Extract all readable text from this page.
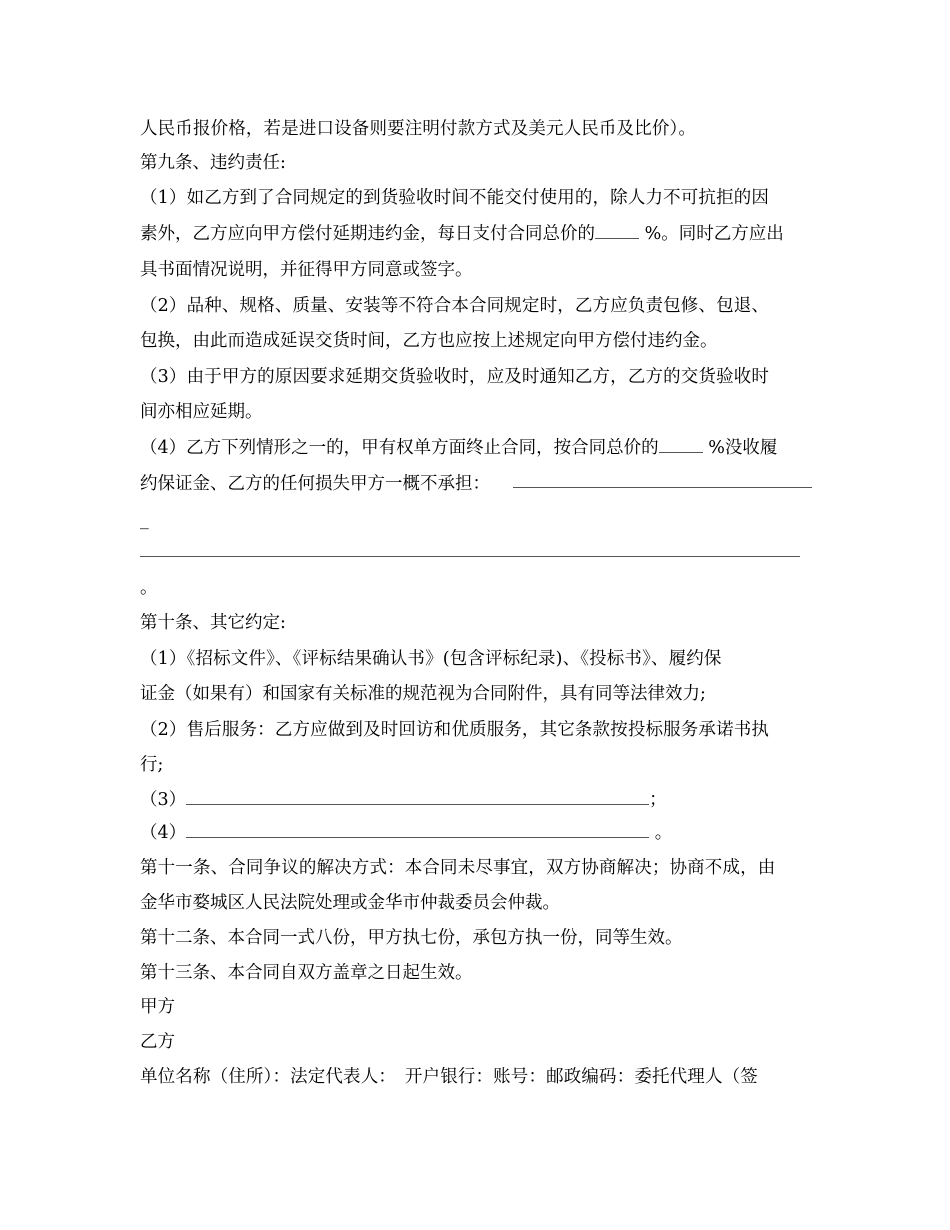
人民币报价格，若是进口设备则要注明付款方式及美元人民币及比价）。
第九条、违约责任:
（1）如乙方到了合同规定的到货验收时间不能交付使用的，除人力不可抗拒的因
素外，乙方应向甲方偿付延期违约金，每日支付合同总价的	%。同时乙方应出
具书面情况说明，并征得甲方同意或签字。
（2）品种、规格、质量、安装等不符合本合同规定时，乙方应负责包修、包退、
包换，由此而造成延误交货时间，乙方也应按上述规定向甲方偿付违约金。
（3）由于甲方的原因要求延期交货验收时，应及时通知乙方，乙方的交货验收时
间亦相应延期。
（4）乙方下列情形之一的，甲有权单方面终止合同，按合同总价的	%没收履
约保证金、乙方的任何损失甲方一概不承担：
_
。
第十条、其它约定:
（1）《招标文件》、《评标结果确认书》(包含评标纪录)、《投标书》、履约保
证金（如果有）和国家有关标准的规范视为合同附件，具有同等法律效力;
（2）售后服务：乙方应做到及时回访和优质服务，其它条款按投标服务承诺书执
行;
（3）	；
（4）	。
第十一条、合同争议的解决方式：本合同未尽事宜，双方协商解决；协商不成，由
金华市婺城区人民法院处理或金华市仲裁委员会仲裁。
第十二条、本合同一式八份，甲方执七份，承包方执一份，同等生效。
第十三条、本合同自双方盖章之日起生效。
甲方
乙方
单位名称（住所）：法定代表人：　开户银行：账号：邮政编码：委托代理人（签
